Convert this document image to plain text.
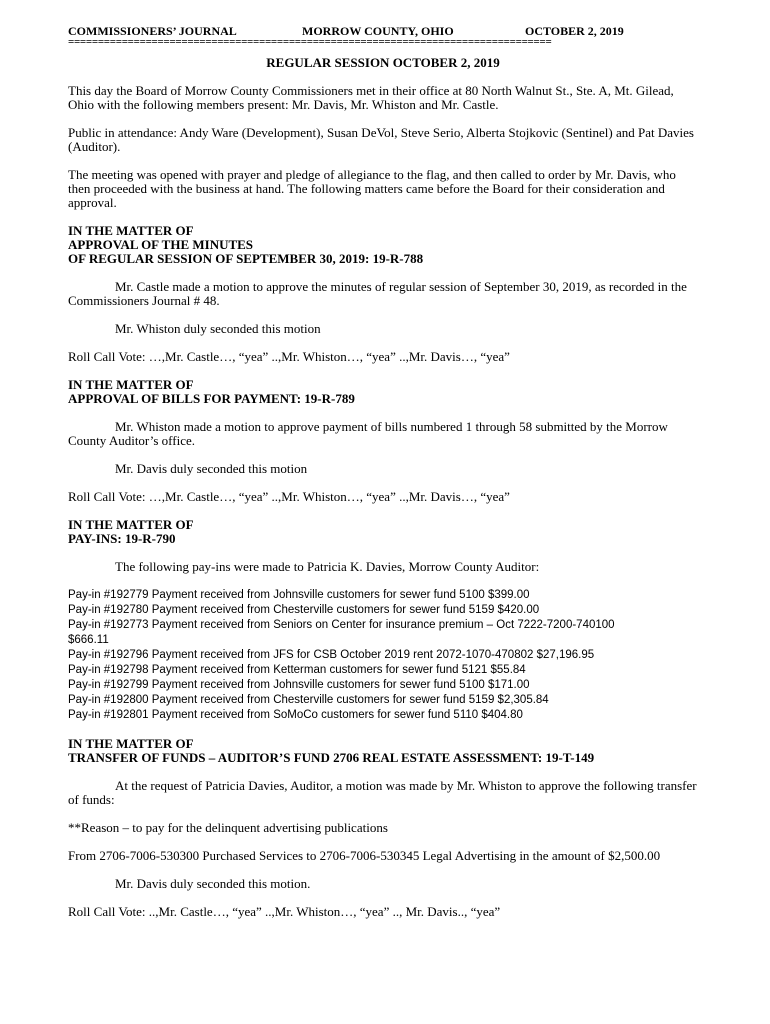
COMMISSIONERS’ JOURNAL	MORROW COUNTY, OHIO	OCTOBER 2, 2019
=================================================================================

REGULAR SESSION OCTOBER 2, 2019

This day the Board of Morrow County Commissioners met in their office at 80 North Walnut St., Ste. A, Mt. Gilead, Ohio with the following members present: Mr. Davis, Mr. Whiston and Mr. Castle.

Public in attendance: Andy Ware (Development), Susan DeVol, Steve Serio, Alberta Stojkovic (Sentinel) and Pat Davies (Auditor).

The meeting was opened with prayer and pledge of allegiance to the flag, and then called to order by Mr. Davis, who then proceeded with the business at hand. The following matters came before the Board for their consideration and approval.

IN THE MATTER OF

APPROVAL OF THE MINUTES

OF REGULAR SESSION OF SEPTEMBER 30, 2019: 19-R-788

Mr. Castle made a motion to approve the minutes of regular session of September 30, 2019, as recorded in the Commissioners Journal # 48.

Mr. Whiston duly seconded this motion

Roll Call Vote: …,Mr. Castle…, “yea” ..,Mr. Whiston…, “yea” ..,Mr. Davis…, “yea”

IN THE MATTER OF

APPROVAL OF BILLS FOR PAYMENT: 19-R-789

Mr. Whiston made a motion to approve payment of bills numbered 1 through 58 submitted by the Morrow County Auditor’s office.

Mr. Davis duly seconded this motion

Roll Call Vote: …,Mr. Castle…, “yea” ..,Mr. Whiston…, “yea” ..,Mr. Davis…, “yea”

IN THE MATTER OF

PAY-INS: 19-R-790

The following pay-ins were made to Patricia K. Davies, Morrow County Auditor:

Pay-in #192779 Payment received from Johnsville customers for sewer fund 5100 $399.00

Pay-in #192780 Payment received from Chesterville customers for sewer fund 5159 $420.00

Pay-in #192773 Payment received from Seniors on Center for insurance premium – Oct 7222-7200-740100

$666.11

Pay-in #192796 Payment received from JFS for CSB October 2019 rent 2072-1070-470802 $27,196.95

Pay-in #192798 Payment received from Ketterman customers for sewer fund 5121 $55.84

Pay-in #192799 Payment received from Johnsville customers for sewer fund 5100 $171.00

Pay-in #192800 Payment received from Chesterville customers for sewer fund 5159 $2,305.84

Pay-in #192801 Payment received from SoMoCo customers for sewer fund 5110 $404.80

IN THE MATTER OF

TRANSFER OF FUNDS – AUDITOR’S FUND 2706 REAL ESTATE ASSESSMENT: 19-T-149

At the request of Patricia Davies, Auditor, a motion was made by Mr. Whiston to approve the following transfer of funds:

**Reason – to pay for the delinquent advertising publications

From 2706-7006-530300 Purchased Services to 2706-7006-530345 Legal Advertising in the amount of $2,500.00

Mr. Davis duly seconded this motion.

Roll Call Vote: ..,Mr. Castle…, “yea” ..,Mr. Whiston…, “yea” .., Mr. Davis.., “yea”
